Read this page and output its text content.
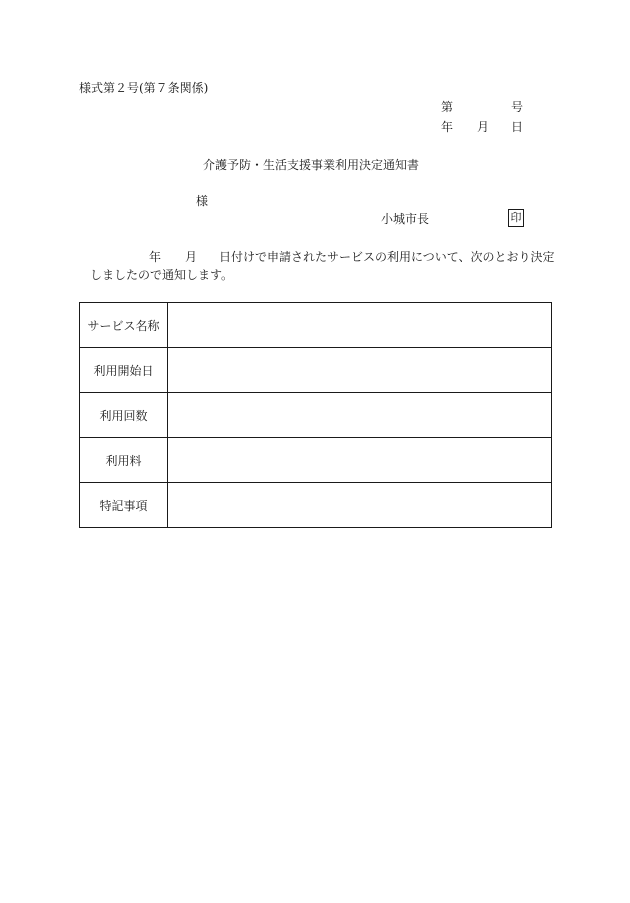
様式第２号(第７条関係)
第	号
年 月 日
介護予防・生活支援事業利用決定通知書
様
小城市長	印
年 月 日付けで申請されたサービスの利用について、次のとおり決定
しましたので通知します。
サービス名称	
利用開始日	
利用回数	
利用料	
特記事項	
